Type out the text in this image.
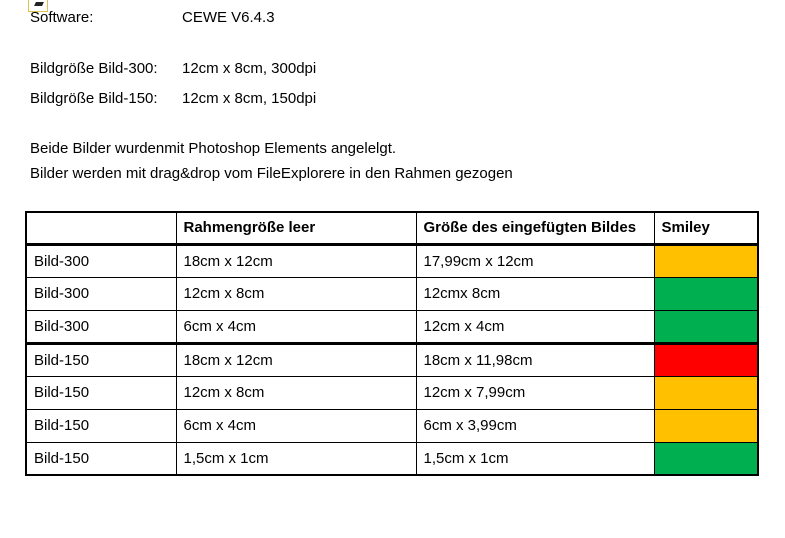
Software:	CEWE V6.4.3
Bildgröße Bild-300: 12cm x 8cm, 300dpi
Bildgröße Bild-150: 12cm x 8cm, 150dpi
Beide Bilder wurdenmit Photoshop Elements angelelgt.
Bilder werden mit drag&drop vom FileExplorere in den Rahmen gezogen
	Rahmengröße leer	Größe des eingefügten Bildes	Smiley
Bild-300	18cm x 12cm	17,99cm x 12cm	
Bild-300	12cm x 8cm	12cmx 8cm	
Bild-300	6cm x 4cm	12cm x 4cm	
Bild-150	18cm x 12cm	18cm x 11,98cm	
Bild-150	12cm x 8cm	12cm x 7,99cm	
Bild-150	6cm x 4cm	6cm x 3,99cm	
Bild-150	1,5cm x 1cm	1,5cm x 1cm	
